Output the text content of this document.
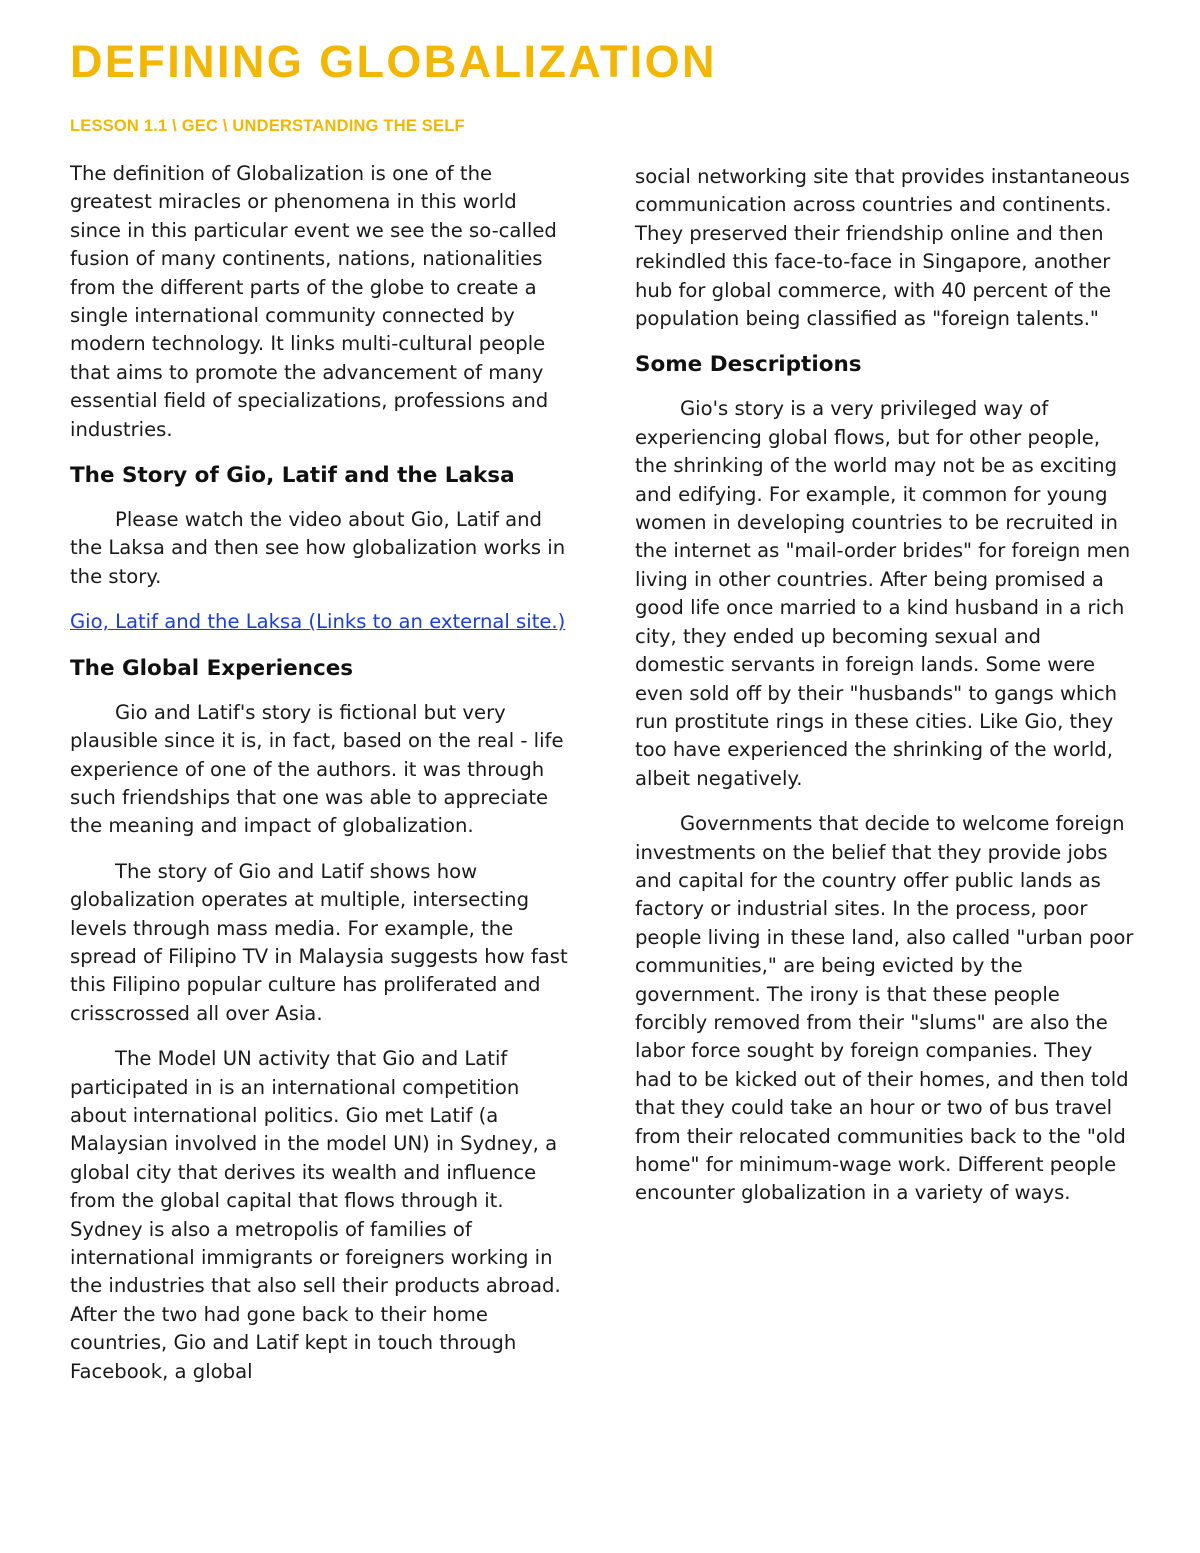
DEFINING GLOBALIZATION
LESSON 1.1 \ GEC \ UNDERSTANDING THE SELF

The definition of Globalization is one of the greatest miracles or phenomena in this world since in this particular event we see the so-called fusion of many continents, nations, nationalities from the different parts of the globe to create a single international community connected by modern technology. It links multi-cultural people that aims to promote the advancement of many essential field of specializations, professions and industries.

The Story of Gio, Latif and the Laksa

Please watch the video about Gio, Latif and the Laksa and then see how globalization works in the story.

Gio, Latif and the Laksa (Links to an external site.)

The Global Experiences

Gio and Latif's story is fictional but very plausible since it is, in fact, based on the real - life experience of one of the authors. it was through such friendships that one was able to appreciate the meaning and impact of globalization.

The story of Gio and Latif shows how globalization operates at multiple, intersecting levels through mass media. For example, the spread of Filipino TV in Malaysia suggests how fast this Filipino popular culture has proliferated and crisscrossed all over Asia.

The Model UN activity that Gio and Latif participated in is an international competition about international politics. Gio met Latif (a Malaysian involved in the model UN) in Sydney, a global city that derives its wealth and influence from the global capital that flows through it. Sydney is also a metropolis of families of international immigrants or foreigners working in the industries that also sell their products abroad. After the two had gone back to their home countries, Gio and Latif kept in touch through Facebook, a global

social networking site that provides instantaneous communication across countries and continents. They preserved their friendship online and then rekindled this face-to-face in Singapore, another hub for global commerce, with 40 percent of the population being classified as "foreign talents."

Some Descriptions

Gio's story is a very privileged way of experiencing global flows, but for other people, the shrinking of the world may not be as exciting and edifying. For example, it common for young women in developing countries to be recruited in the internet as "mail-order brides" for foreign men living in other countries. After being promised a good life once married to a kind husband in a rich city, they ended up becoming sexual and domestic servants in foreign lands. Some were even sold off by their "husbands" to gangs which run prostitute rings in these cities. Like Gio, they too have experienced the shrinking of the world, albeit negatively.

Governments that decide to welcome foreign investments on the belief that they provide jobs and capital for the country offer public lands as factory or industrial sites. In the process, poor people living in these land, also called "urban poor communities," are being evicted by the government. The irony is that these people forcibly removed from their "slums" are also the labor force sought by foreign companies. They had to be kicked out of their homes, and then told that they could take an hour or two of bus travel from their relocated communities back to the "old home" for minimum-wage work. Different people encounter globalization in a variety of ways.
